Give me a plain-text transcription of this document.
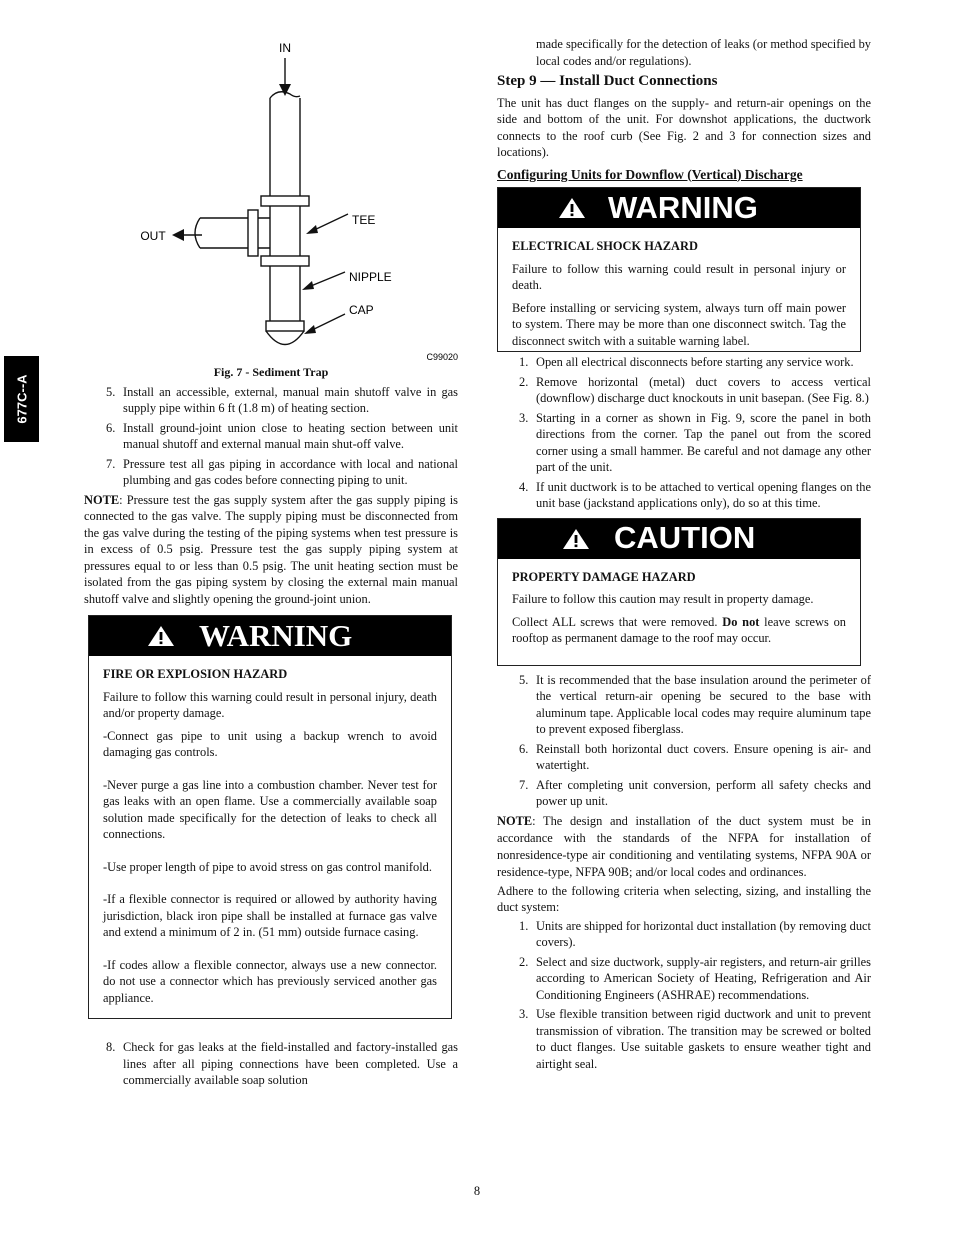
677C--A
IN
OUT
TEE
NIPPLE
CAP
C99020
Fig. 7 - Sediment Trap
5. Install an accessible, external, manual main shutoff valve in gas supply pipe within 6 ft (1.8 m) of heating section.
6. Install ground-joint union close to heating section between unit manual shutoff and external manual main shut-off valve.
7. Pressure test all gas piping in accordance with local and national plumbing and gas codes before connecting piping to unit.

NOTE: Pressure test the gas supply system after the gas supply piping is connected to the gas valve. The supply piping must be disconnected from the gas valve during the testing of the piping systems when test pressure is in excess of 0.5 psig. Pressure test the gas supply piping system at pressures equal to or less than 0.5 psig. The unit heating section must be isolated from the gas piping system by closing the external main manual shutoff valve and slightly opening the ground-joint union.

WARNING

FIRE OR EXPLOSION HAZARD

Failure to follow this warning could result in personal injury, death and/or property damage.

-Connect gas pipe to unit using a backup wrench to avoid damaging gas controls.

-Never purge a gas line into a combustion chamber. Never test for gas leaks with an open flame. Use a commercially available soap solution made specifically for the detection of leaks to check all connections.

-Use proper length of pipe to avoid stress on gas control manifold.

-If a flexible connector is required or allowed by authority having jurisdiction, black iron pipe shall be installed at furnace gas valve and extend a minimum of 2 in. (51 mm) outside furnace casing.

-If codes allow a flexible connector, always use a new connector. do not use a connector which has previously serviced another gas appliance.

8. Check for gas leaks at the field-installed and factory-installed gas lines after all piping connections have been completed. Use a commercially available soap solution

made specifically for the detection of leaks (or method specified by local codes and/or regulations).

Step 9 — Install Duct Connections

The unit has duct flanges on the supply- and return-air openings on the side and bottom of the unit. For downshot applications, the ductwork connects to the roof curb (See Fig. 2 and 3 for connection sizes and locations).

Configuring Units for Downflow (Vertical) Discharge
WARNING

ELECTRICAL SHOCK HAZARD

Failure to follow this warning could result in personal injury or death.

Before installing or servicing system, always turn off main power to system. There may be more than one disconnect switch. Tag the disconnect switch with a suitable warning label.

1. Open all electrical disconnects before starting any service work.
2. Remove horizontal (metal) duct covers to access vertical (downflow) discharge duct knockouts in unit basepan. (See Fig. 8.)
3. Starting in a corner as shown in Fig. 9, score the panel in both directions from the corner. Tap the panel out from the scored corner using a small hammer. Be careful and not damage any other part of the unit.
4. If unit ductwork is to be attached to vertical opening flanges on the unit base (jackstand applications only), do so at this time.
CAUTION

PROPERTY DAMAGE HAZARD

Failure to follow this caution may result in property damage.

Collect ALL screws that were removed. Do not leave screws on rooftop as permanent damage to the roof may occur.

5. It is recommended that the base insulation around the perimeter of the vertical return-air opening be secured to the base with aluminum tape. Applicable local codes may require aluminum tape to prevent exposed fiberglass.
6. Reinstall both horizontal duct covers. Ensure opening is air- and watertight.
7. After completing unit conversion, perform all safety checks and power up unit.

NOTE: The design and installation of the duct system must be in accordance with the standards of the NFPA for installation of nonresidence-type air conditioning and ventilating systems, NFPA 90A or residence-type, NFPA 90B; and/or local codes and ordinances.

Adhere to the following criteria when selecting, sizing, and installing the duct system:

1. Units are shipped for horizontal duct installation (by removing duct covers).
2. Select and size ductwork, supply-air registers, and return-air grilles according to American Society of Heating, Refrigeration and Air Conditioning Engineers (ASHRAE) recommendations.
3. Use flexible transition between rigid ductwork and unit to prevent transmission of vibration. The transition may be screwed or bolted to duct flanges. Use suitable gaskets to ensure weather tight and airtight seal.
8
